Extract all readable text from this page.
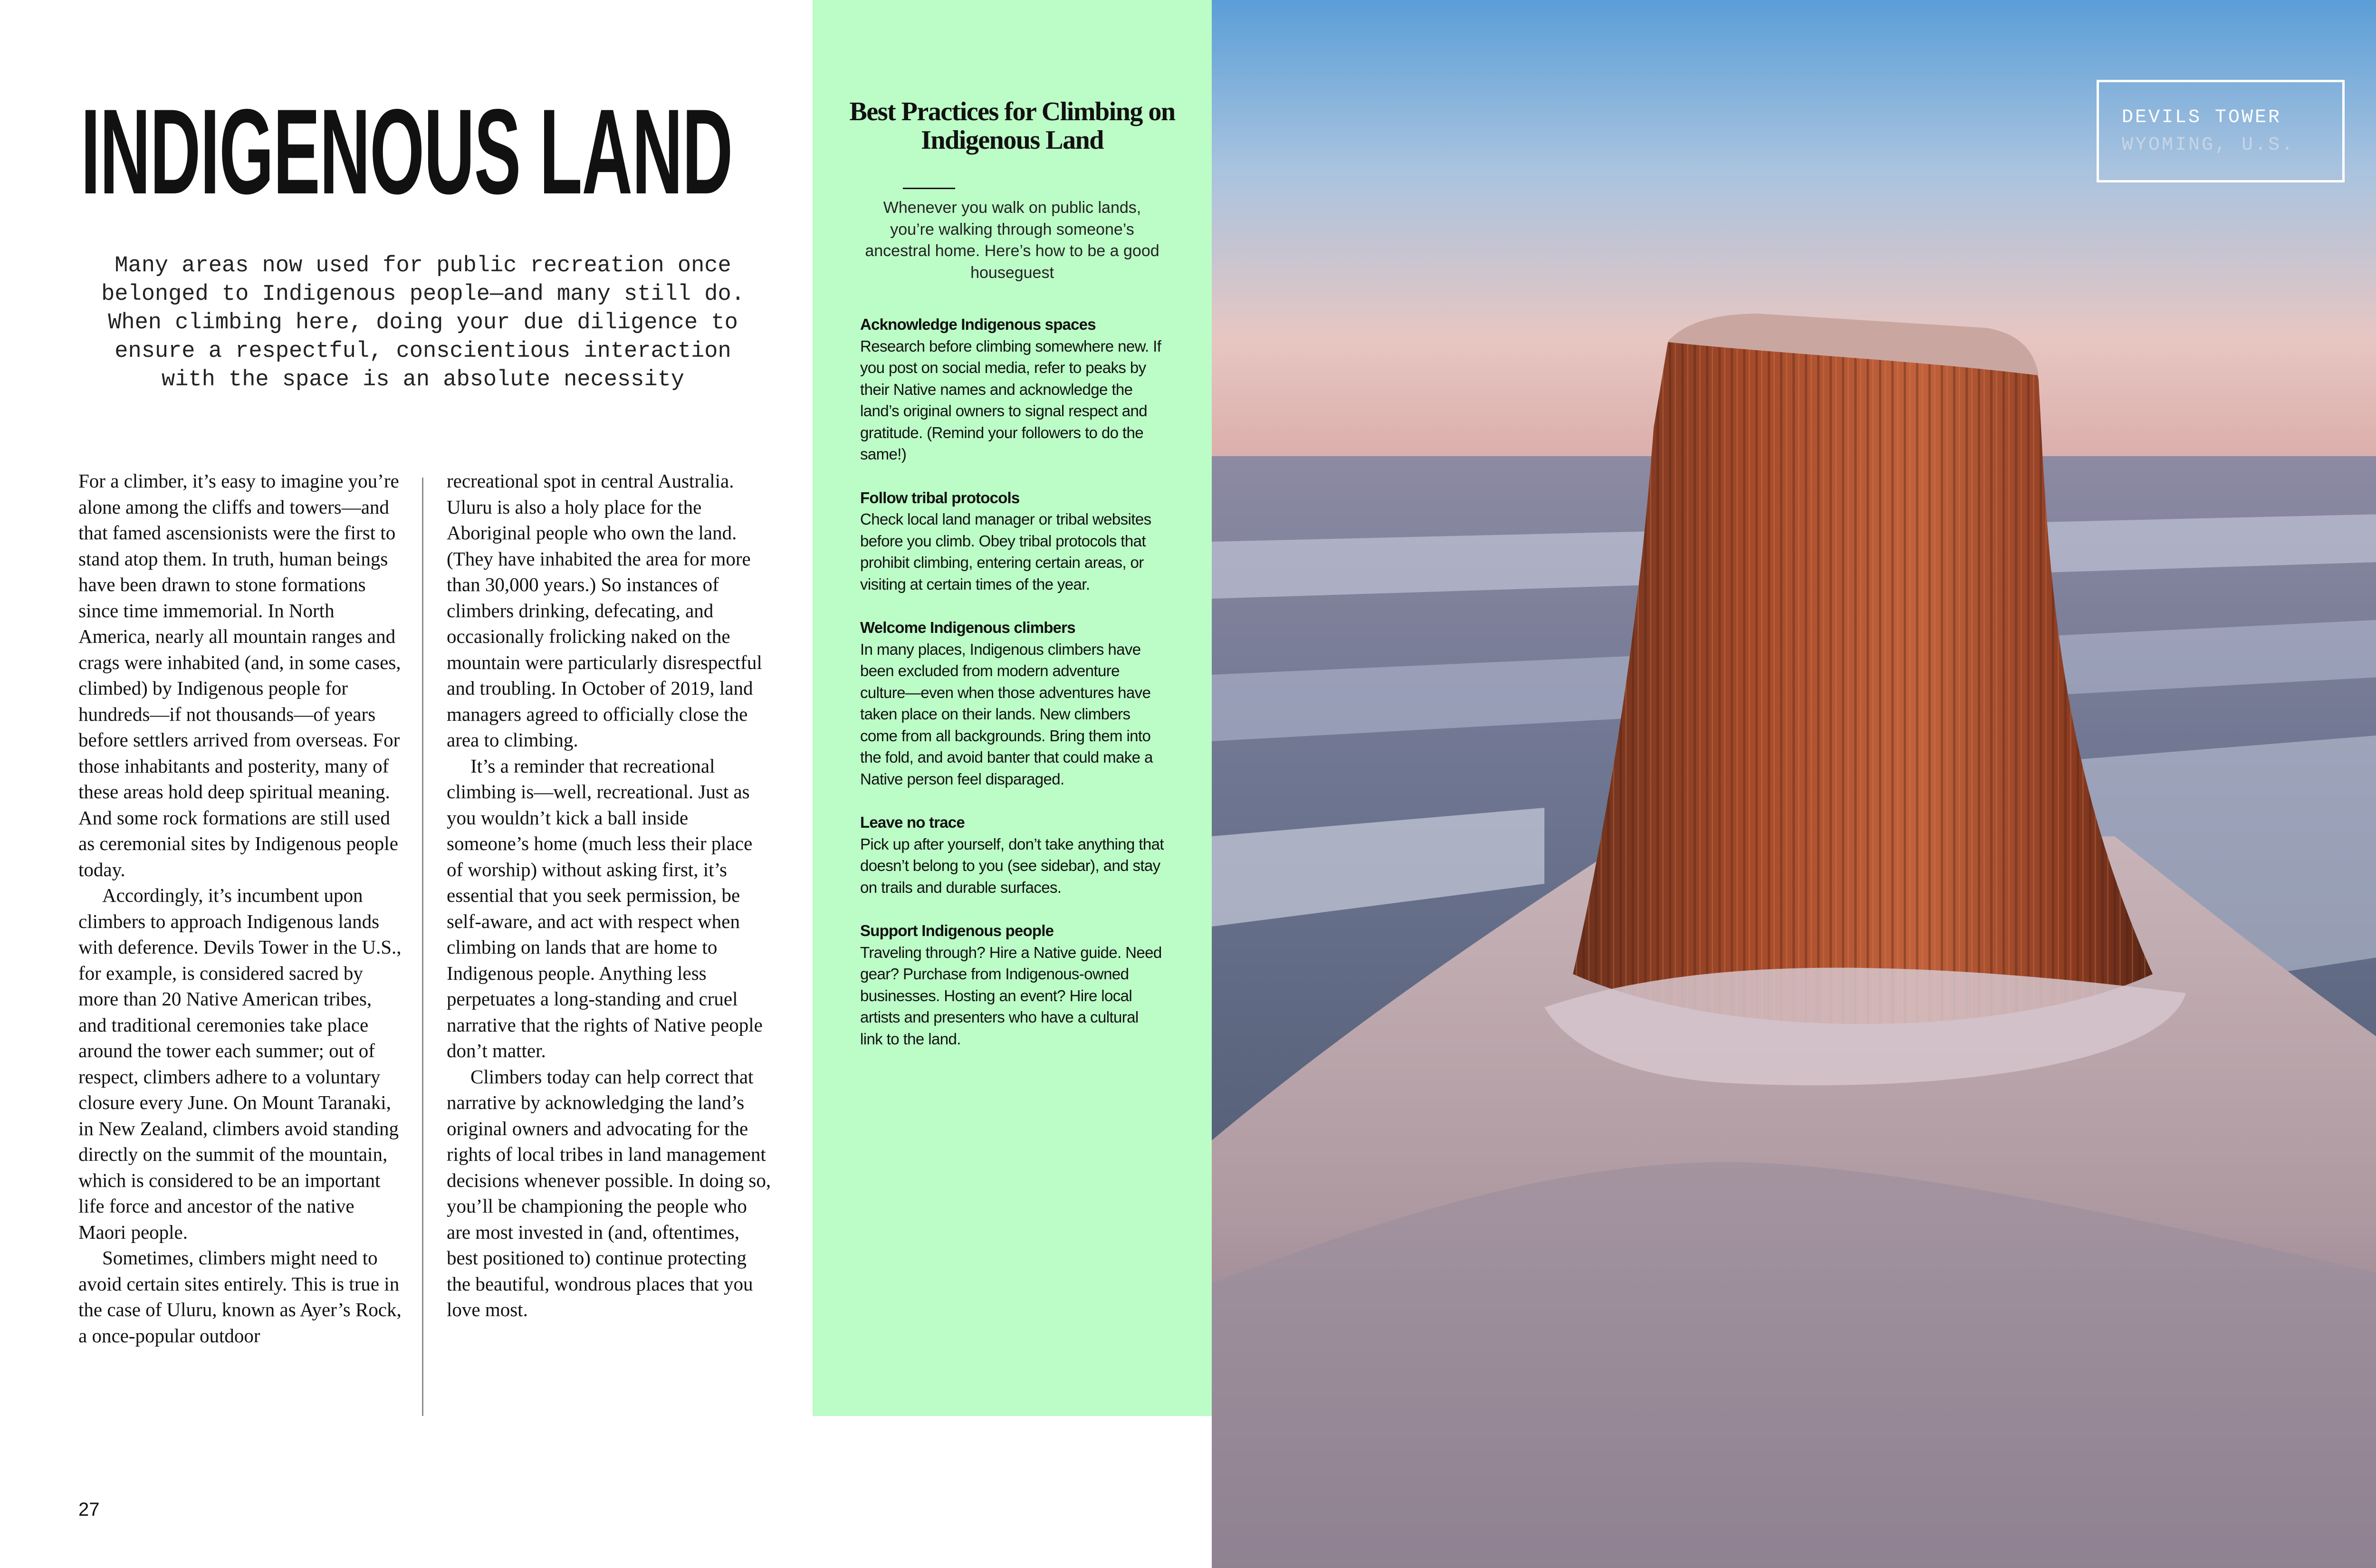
INDIGENOUS LAND

Many areas now used for public recreation once belonged to Indigenous people—and many still do. When climbing here, doing your due diligence to ensure a respectful, conscientious interaction with the space is an absolute necessity

For a climber, it’s easy to imagine you’re alone among the cliffs and towers—and that famed ascensionists were the first to stand atop them. In truth, human beings have been drawn to stone formations since time immemorial. In North America, nearly all mountain ranges and crags were inhabited (and, in some cases, climbed) by Indigenous people for hundreds—if not thousands—of years before settlers arrived from overseas. For those inhabitants and posterity, many of these areas hold deep spiritual meaning. And some rock formations are still used as ceremonial sites by Indigenous people today.

Accordingly, it’s incumbent upon climbers to approach Indigenous lands with deference. Devils Tower in the U.S., for example, is considered sacred by more than 20 Native American tribes, and traditional ceremonies take place around the tower each summer; out of respect, climbers adhere to a voluntary closure every June. On Mount Taranaki, in New Zealand, climbers avoid standing directly on the summit of the mountain, which is considered to be an important life force and ancestor of the native Maori people.

Sometimes, climbers might need to avoid certain sites entirely. This is true in the case of Uluru, known as Ayer’s Rock, a once-popular outdoor

recreational spot in central Australia. Uluru is also a holy place for the Aboriginal people who own the land. (They have inhabited the area for more than 30,000 years.) So instances of climbers drinking, defecating, and occasionally frolicking naked on the mountain were particularly disrespectful and troubling. In October of 2019, land managers agreed to officially close the area to climbing.

It’s a reminder that recreational climbing is—well, recreational. Just as you wouldn’t kick a ball inside someone’s home (much less their place of worship) without asking first, it’s essential that you seek permission, be self-aware, and act with respect when climbing on lands that are home to Indigenous people. Anything less perpetuates a long-standing and cruel narrative that the rights of Native people don’t matter.

Climbers today can help correct that narrative by acknowledging the land’s original owners and advocating for the rights of local tribes in land management decisions whenever possible. In doing so, you’ll be championing the people who are most invested in (and, oftentimes, best positioned to) continue protecting the beautiful, wondrous places that you love most.

27
Best Practices for Climbing on Indigenous Land

Whenever you walk on public lands, you’re walking through someone’s ancestral home. Here’s how to be a good houseguest

Acknowledge Indigenous spaces
Research before climbing somewhere new. If you post on social media, refer to peaks by their Native names and acknowledge the land’s original owners to signal respect and gratitude. (Remind your followers to do the same!)
Follow tribal protocols
Check local land manager or tribal websites before you climb. Obey tribal protocols that prohibit climbing, entering certain areas, or visiting at certain times of the year.
Welcome Indigenous climbers
In many places, Indigenous climbers have been excluded from modern adventure culture—even when those adventures have taken place on their lands. New climbers come from all backgrounds. Bring them into the fold, and avoid banter that could make a Native person feel disparaged.
Leave no trace
Pick up after yourself, don’t take anything that doesn’t belong to you (see sidebar), and stay on trails and durable surfaces.
Support Indigenous people
Traveling through? Hire a Native guide. Need gear? Purchase from Indigenous-owned businesses. Hosting an event? Hire local artists and presenters who have a cultural link to the land.
DEVILS TOWER
WYOMING, U.S.
